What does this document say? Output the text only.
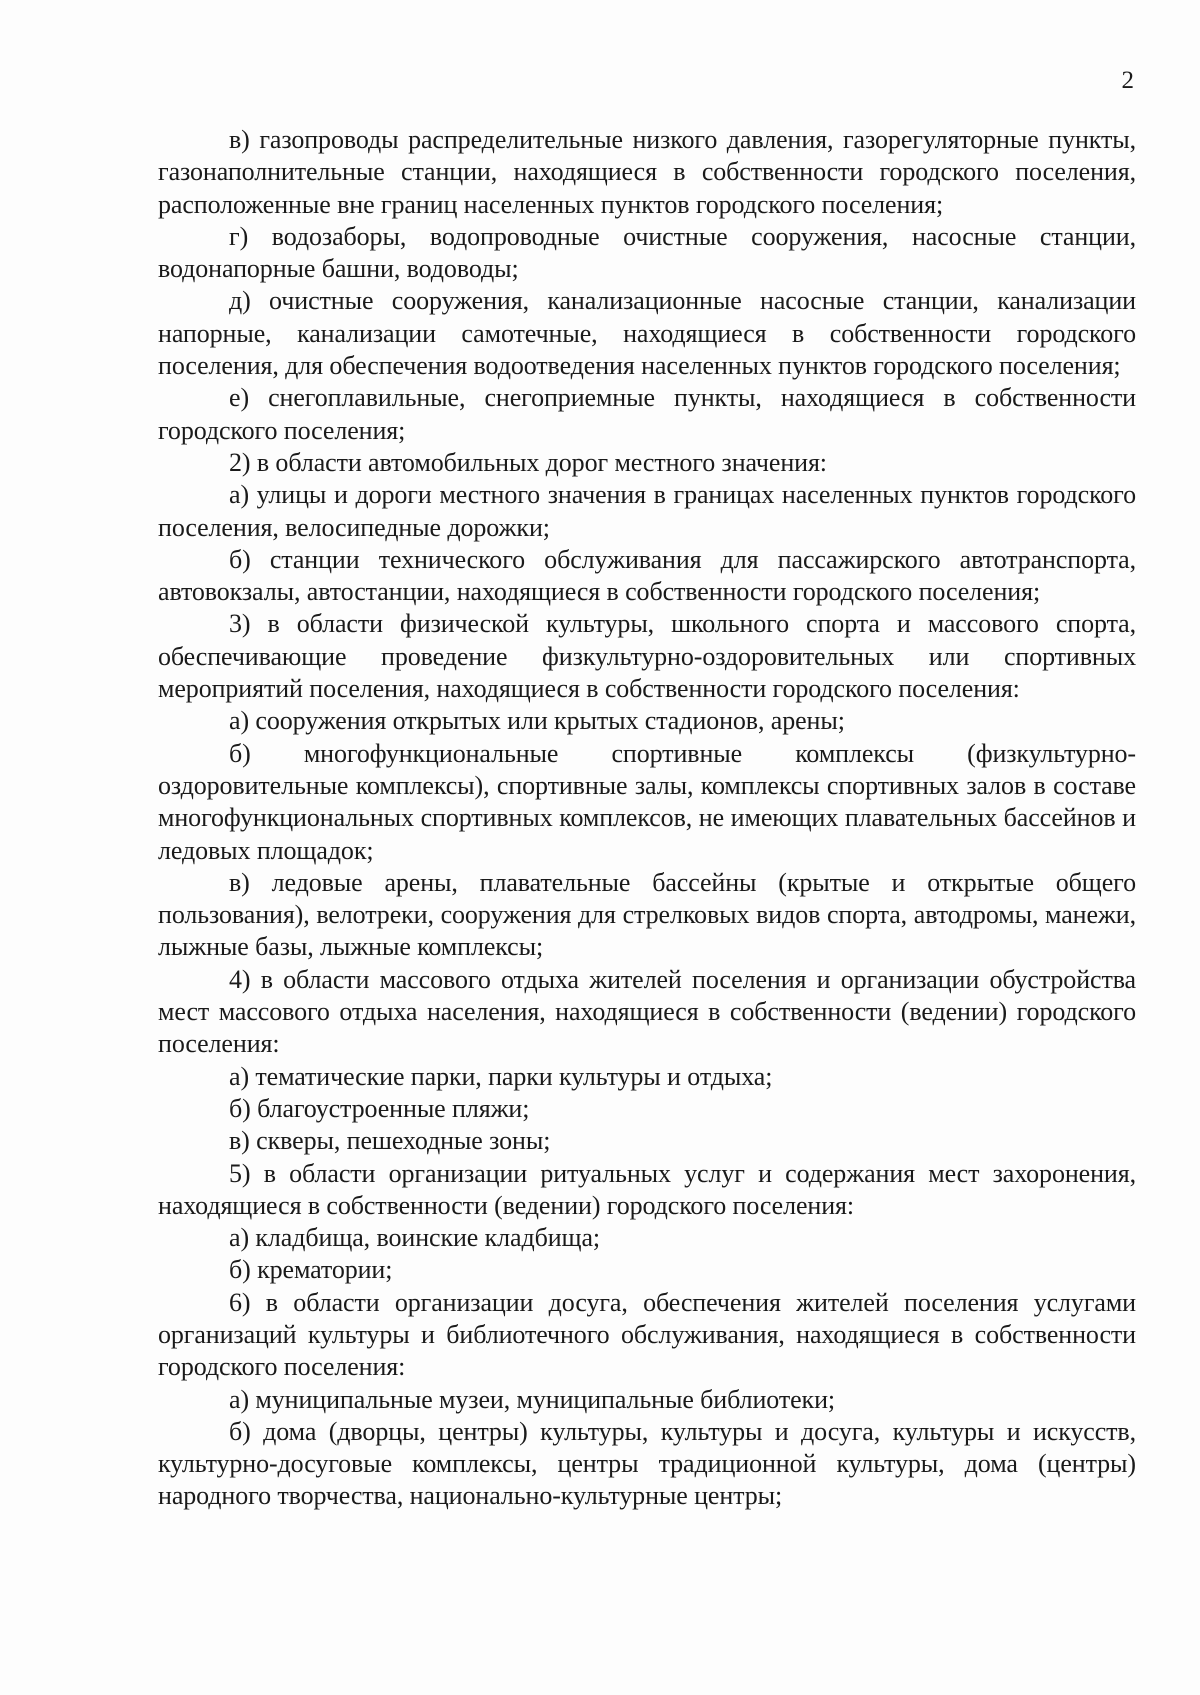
2

в) газопроводы распределительные низкого давления, газорегуляторные пункты, газонаполнительные станции, находящиеся в собственности городского поселения, расположенные вне границ населенных пунктов городского поселения;

г) водозаборы, водопроводные очистные сооружения, насосные станции, водонапорные башни, водоводы;

д) очистные сооружения, канализационные насосные станции, канализации напорные, канализации самотечные, находящиеся в собственности городского поселения, для обеспечения водоотведения населенных пунктов городского поселения;

е) снегоплавильные, снегоприемные пункты, находящиеся в собственности городского поселения;

2) в области автомобильных дорог местного значения:

а) улицы и дороги местного значения в границах населенных пунктов городского поселения, велосипедные дорожки;

б) станции технического обслуживания для пассажирского автотранспорта, автовокзалы, автостанции, находящиеся в собственности городского поселения;

3) в области физической культуры, школьного спорта и массового спорта, обеспечивающие проведение физкультурно-оздоровительных или спортивных мероприятий поселения, находящиеся в собственности городского поселения:

а) сооружения открытых или крытых стадионов, арены;

б) многофункциональные спортивные комплексы (физкультурно-оздоровительные комплексы), спортивные залы, комплексы спортивных залов в составе многофункциональных спортивных комплексов, не имеющих плавательных бассейнов и ледовых площадок;

в) ледовые арены, плавательные бассейны (крытые и открытые общего пользования), велотреки, сооружения для стрелковых видов спорта, автодромы, манежи, лыжные базы, лыжные комплексы;

4) в области массового отдыха жителей поселения и организации обустройства мест массового отдыха населения, находящиеся в собственности (ведении) городского поселения:

а) тематические парки, парки культуры и отдыха;

б) благоустроенные пляжи;

в) скверы, пешеходные зоны;

5) в области организации ритуальных услуг и содержания мест захоронения, находящиеся в собственности (ведении) городского поселения:

а) кладбища, воинские кладбища;

б) крематории;

6) в области организации досуга, обеспечения жителей поселения услугами организаций культуры и библиотечного обслуживания, находящиеся в собственности городского поселения:

а) муниципальные музеи, муниципальные библиотеки;

б) дома (дворцы, центры) культуры, культуры и досуга, культуры и искусств, культурно-досуговые комплексы, центры традиционной культуры, дома (центры) народного творчества, национально-культурные центры;
